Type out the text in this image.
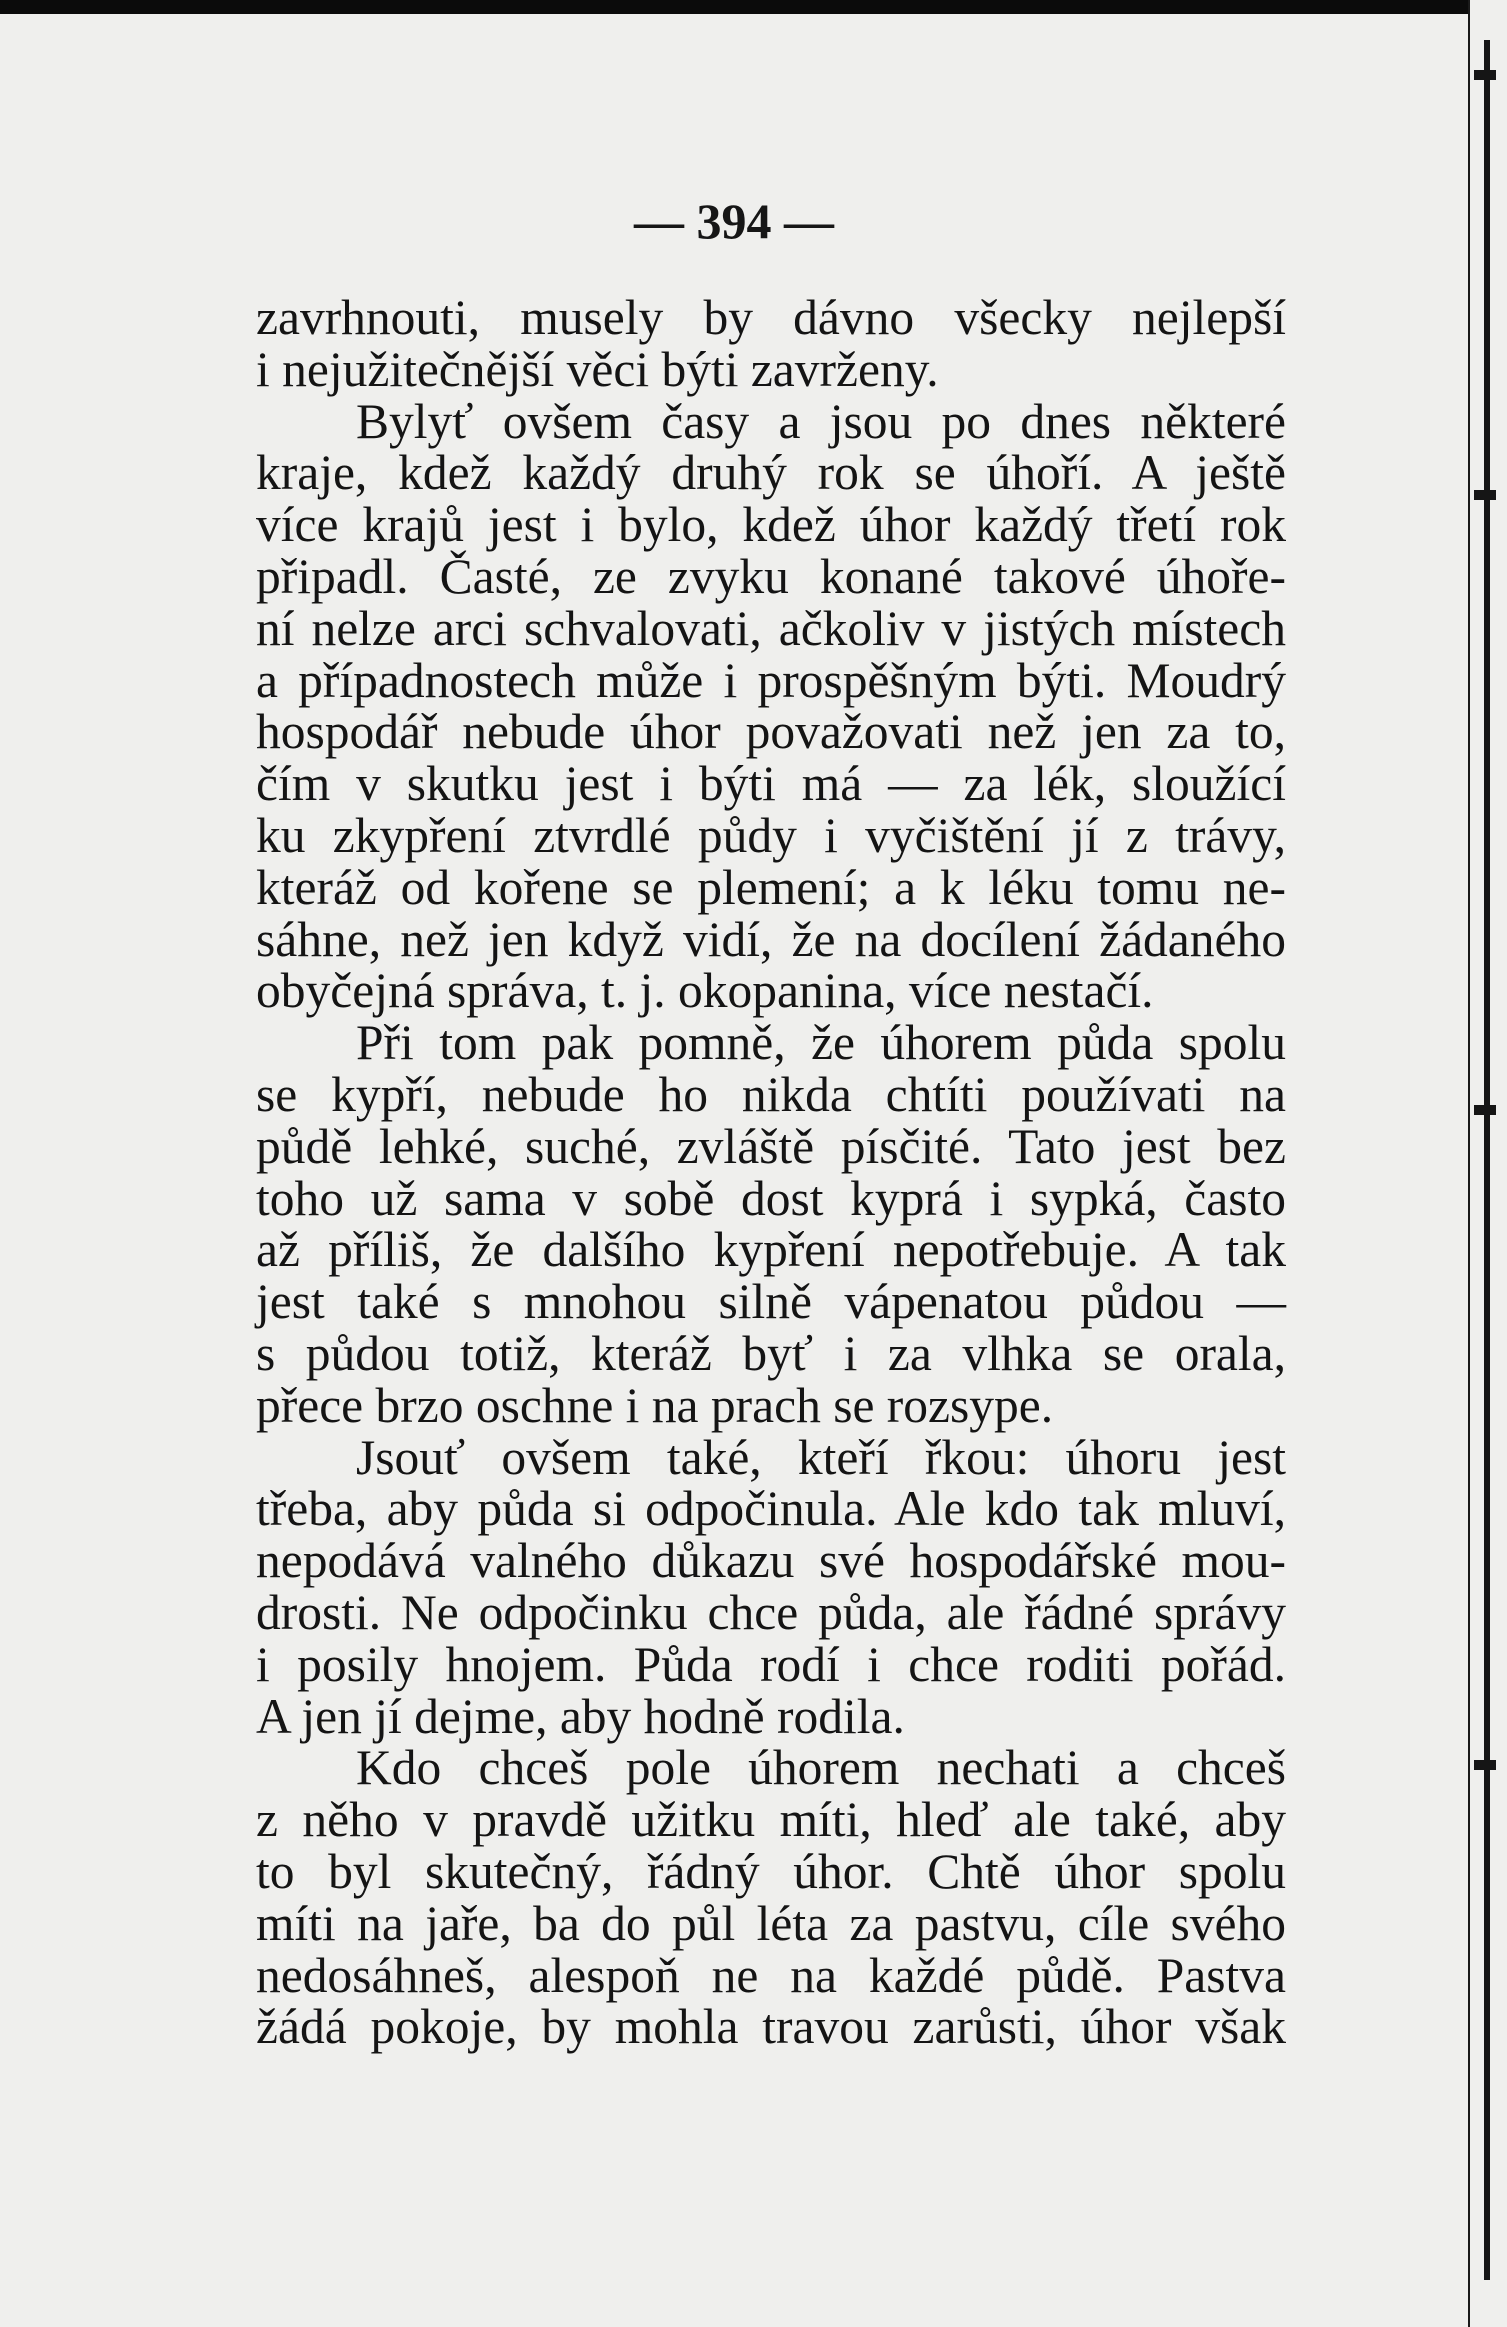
— 394 —
zavrhnouti, musely by dávno všecky nejlepší
i nejužitečnější věci býti zavrženy.
Bylyť ovšem časy a jsou po dnes některé
kraje, kdež každý druhý rok se úhoří. A ještě
více krajů jest i bylo, kdež úhor každý třetí rok
připadl. Časté, ze zvyku konané takové úhoře-
ní nelze arci schvalovati, ačkoliv v jistých místech
a případnostech může i prospěšným býti. Moudrý
hospodář nebude úhor považovati než jen za to,
čím v skutku jest i býti má — za lék, sloužící
ku zkypření ztvrdlé půdy i vyčištění jí z trávy,
kteráž od kořene se plemení; a k léku tomu ne-
sáhne, než jen když vidí, že na docílení žádaného
obyčejná správa, t. j. okopanina, více nestačí.
Při tom pak pomně, že úhorem půda spolu
se kypří, nebude ho nikda chtíti používati na
půdě lehké, suché, zvláště písčité. Tato jest bez
toho už sama v sobě dost kyprá i sypká, často
až příliš, že dalšího kypření nepotřebuje. A tak
jest také s mnohou silně vápenatou půdou —
s půdou totiž, kteráž byť i za vlhka se orala,
přece brzo oschne i na prach se rozsype.
Jsouť ovšem také, kteří řkou: úhoru jest
třeba, aby půda si odpočinula. Ale kdo tak mluví,
nepodává valného důkazu své hospodářské mou-
drosti. Ne odpočinku chce půda, ale řádné správy
i posily hnojem. Půda rodí i chce roditi pořád.
A jen jí dejme, aby hodně rodila.
Kdo chceš pole úhorem nechati a chceš
z něho v pravdě užitku míti, hleď ale také, aby
to byl skutečný, řádný úhor. Chtě úhor spolu
míti na jaře, ba do půl léta za pastvu, cíle svého
nedosáhneš, alespoň ne na každé půdě. Pastva
žádá pokoje, by mohla travou zarůsti, úhor však
